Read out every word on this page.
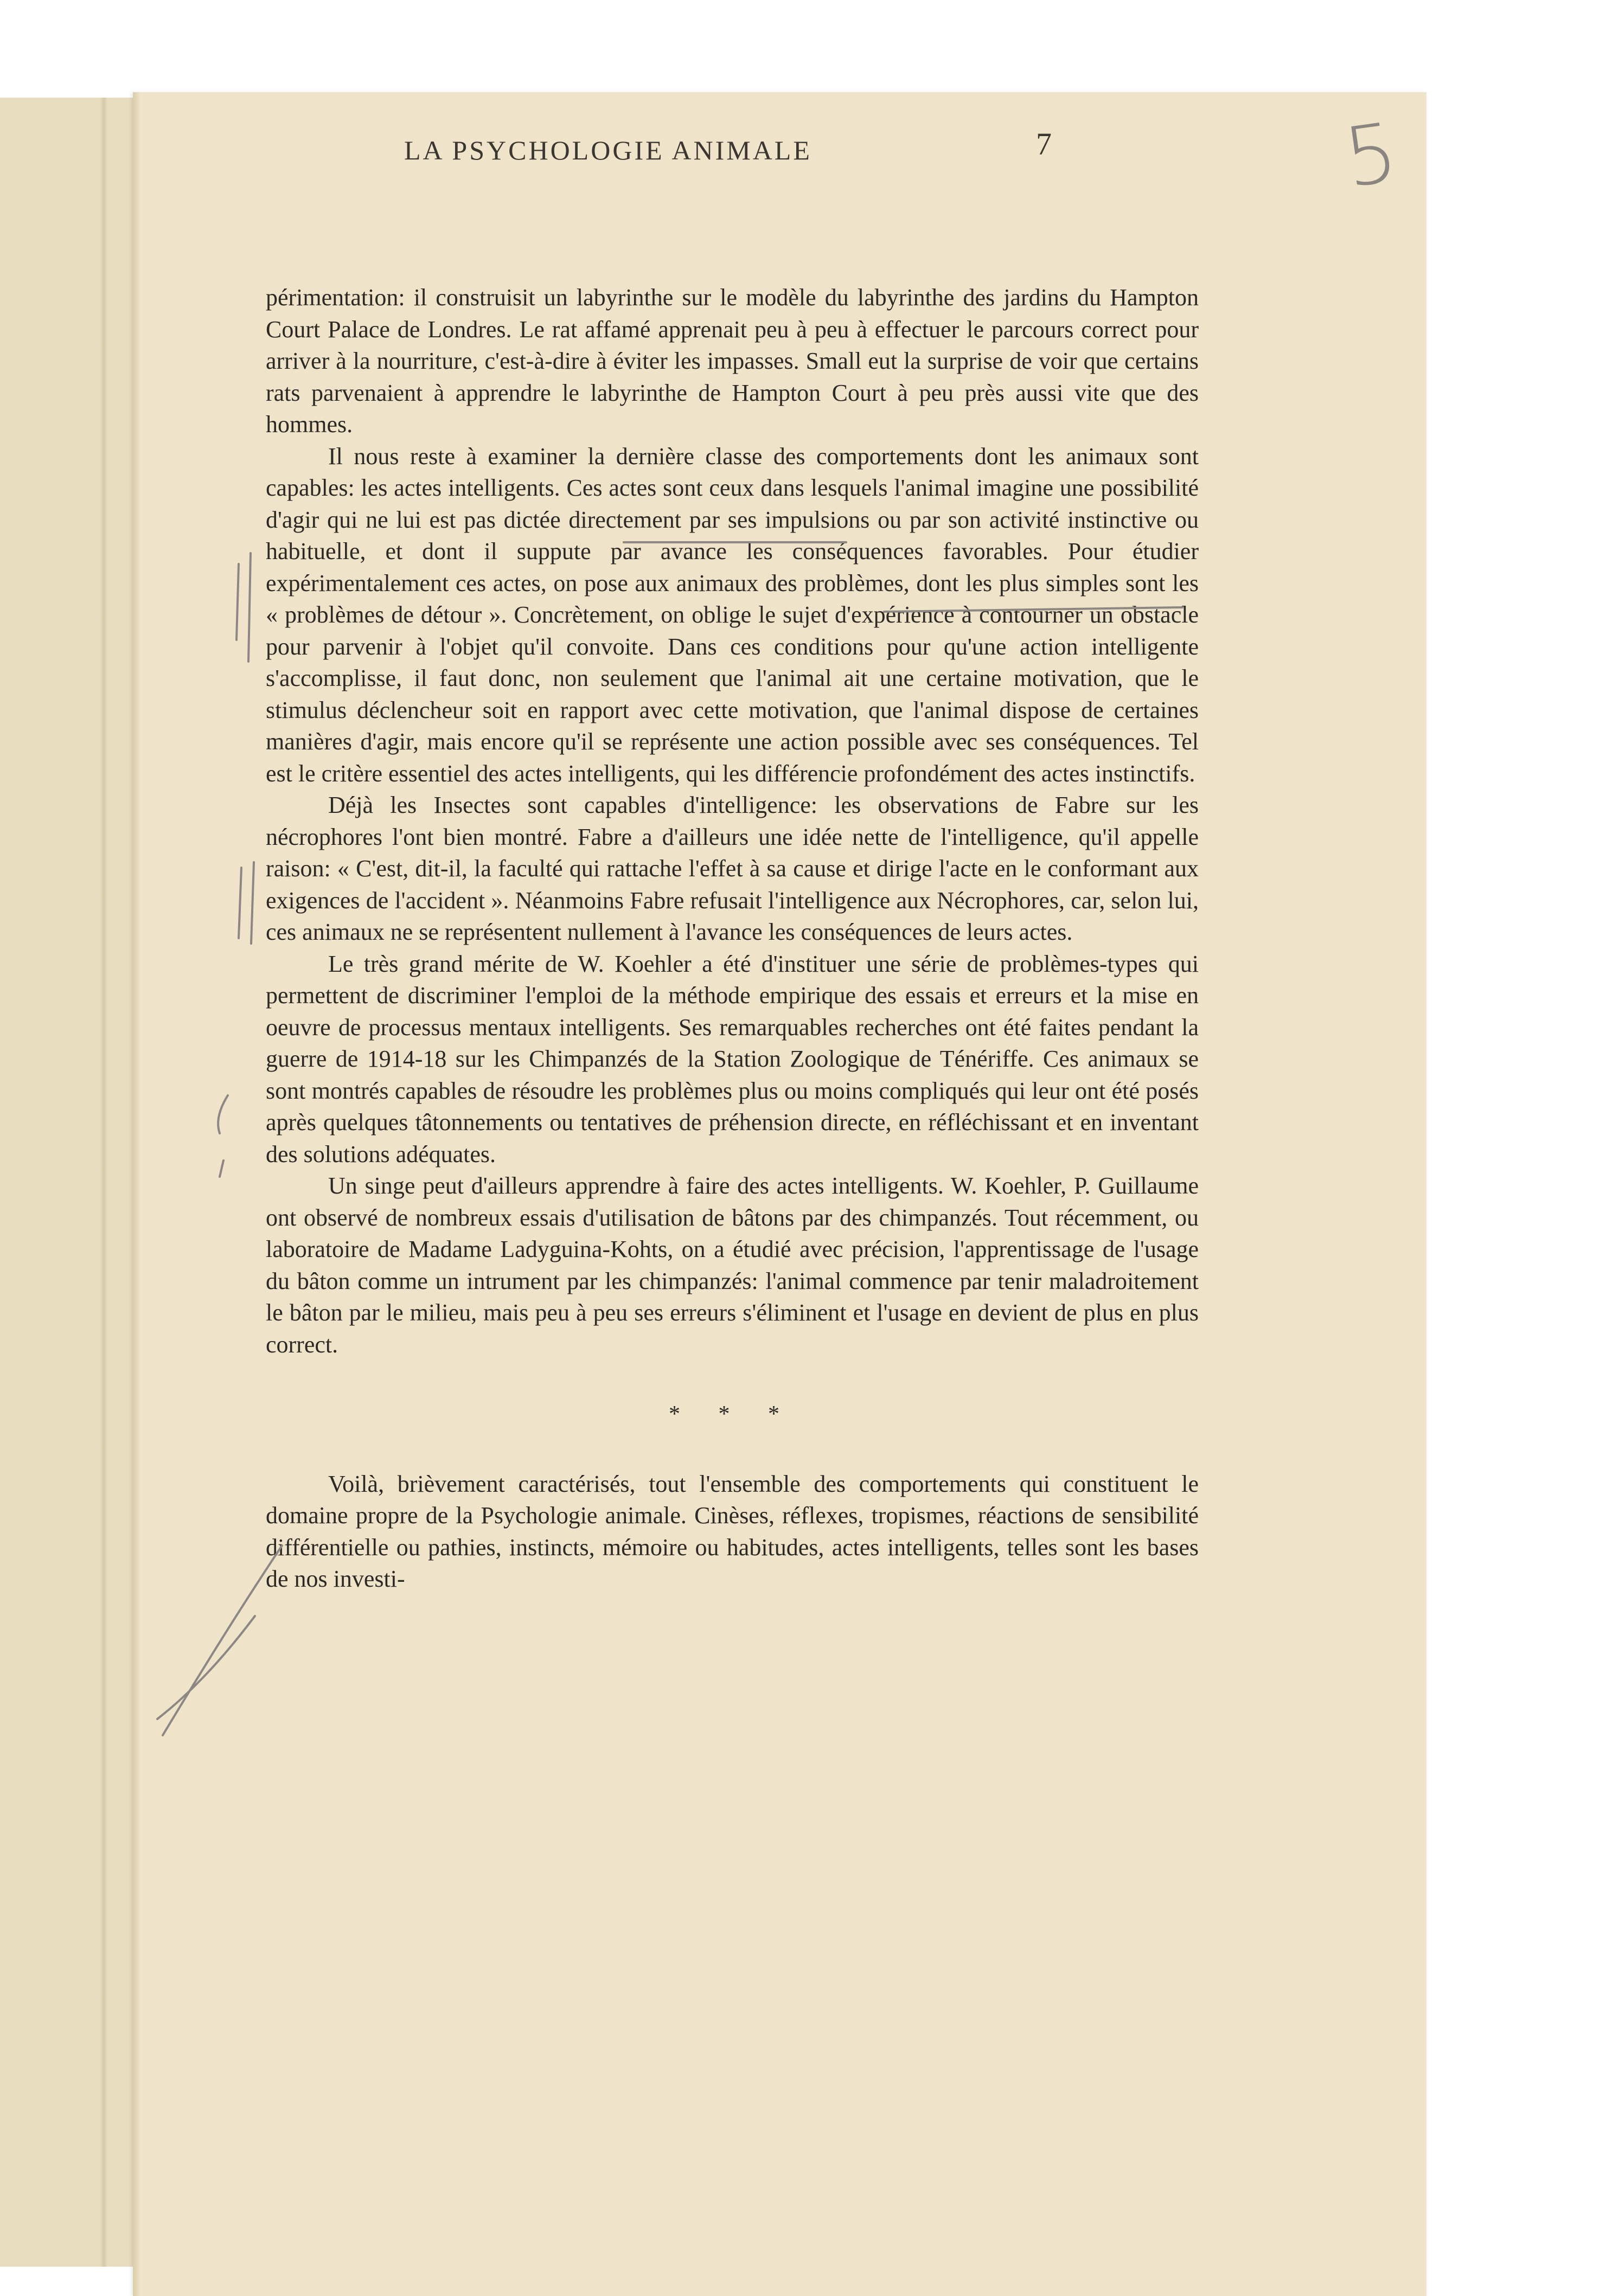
LA PSYCHOLOGIE ANIMALE	7	5

périmentation: il construisit un labyrinthe sur le modèle du labyrinthe des jardins du Hampton Court Palace de Londres. Le rat affamé apprenait peu à peu à effectuer le parcours correct pour arriver à la nourriture, c'est-à-dire à éviter les impasses. Small eut la surprise de voir que certains rats parvenaient à apprendre le labyrinthe de Hampton Court à peu près aussi vite que des hommes.

Il nous reste à examiner la dernière classe des comportements dont les animaux sont capables: les actes intelligents. Ces actes sont ceux dans lesquels l'animal imagine une possibilité d'agir qui ne lui est pas dictée directement par ses impulsions ou par son activité instinctive ou habituelle, et dont il suppute par avance les conséquences favorables. Pour étudier expérimentalement ces actes, on pose aux animaux des problèmes, dont les plus simples sont les « problèmes de détour ». Concrètement, on oblige le sujet d'expérience à contourner un obstacle pour parvenir à l'objet qu'il convoite. Dans ces conditions pour qu'une action intelligente s'accomplisse, il faut donc, non seulement que l'animal ait une certaine motivation, que le stimulus déclencheur soit en rapport avec cette motivation, que l'animal dispose de certaines manières d'agir, mais encore qu'il se représente une action possible avec ses conséquences. Tel est le critère essentiel des actes intelligents, qui les différencie profondément des actes instinctifs.

Déjà les Insectes sont capables d'intelligence: les observations de Fabre sur les nécrophores l'ont bien montré. Fabre a d'ailleurs une idée nette de l'intelligence, qu'il appelle raison: « C'est, dit-il, la faculté qui rattache l'effet à sa cause et dirige l'acte en le conformant aux exigences de l'accident ». Néanmoins Fabre refusait l'intelligence aux Nécrophores, car, selon lui, ces animaux ne se représentent nullement à l'avance les conséquences de leurs actes.

Le très grand mérite de W. Koehler a été d'instituer une série de problèmes-types qui permettent de discriminer l'emploi de la méthode empirique des essais et erreurs et la mise en oeuvre de processus mentaux intelligents. Ses remarquables recherches ont été faites pendant la guerre de 1914-18 sur les Chimpanzés de la Station Zoologique de Ténériffe. Ces animaux se sont montrés capables de résoudre les problèmes plus ou moins compliqués qui leur ont été posés après quelques tâtonnements ou tentatives de préhension directe, en réfléchissant et en inventant des solutions adéquates.

Un singe peut d'ailleurs apprendre à faire des actes intelligents. W. Koehler, P. Guillaume ont observé de nombreux essais d'utilisation de bâtons par des chimpanzés. Tout récemment, ou laboratoire de Madame Ladyguina-Kohts, on a étudié avec précision, l'apprentissage de l'usage du bâton comme un intrument par les chimpanzés: l'animal commence par tenir maladroitement le bâton par le milieu, mais peu à peu ses erreurs s'éliminent et l'usage en devient de plus en plus correct.

* * *

Voilà, brièvement caractérisés, tout l'ensemble des comportements qui constituent le domaine propre de la Psychologie animale. Cinèses, réflexes, tropismes, réactions de sensibilité différentielle ou pathies, instincts, mémoire ou habitudes, actes intelligents, telles sont les bases de nos investi-
